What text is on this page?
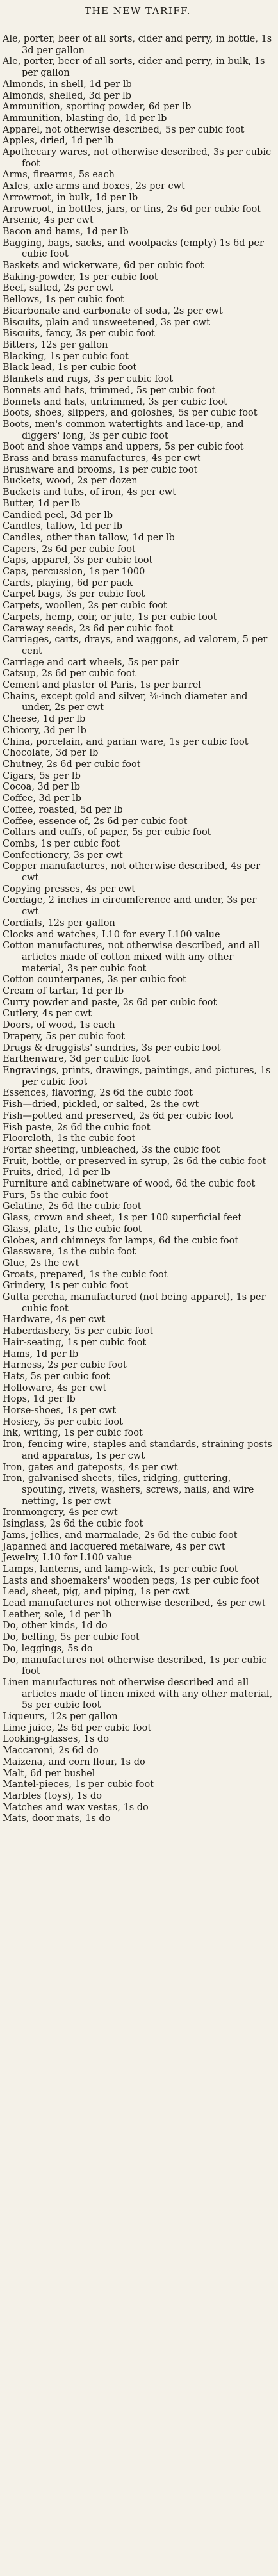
THE NEW TARIFF.

Ale, porter, beer of all sorts, cider and perry, in bottle, 1s 3d per gallon

Ale, porter, beer of all sorts, cider and perry, in bulk, 1s per gallon

Almonds, in shell, 1d per lb

Almonds, shelled, 3d per lb

Ammunition, sporting powder, 6d per lb

Ammunition, blasting do, 1d per lb

Apparel, not otherwise described, 5s per cubic foot

Apples, dried, 1d per lb

Apothecary wares, not otherwise described, 3s per cubic foot

Arms, firearms, 5s each

Axles, axle arms and boxes, 2s per cwt

Arrowroot, in bulk, 1d per lb

Arrowroot, in bottles, jars, or tins, 2s 6d per cubic foot

Arsenic, 4s per cwt

Bacon and hams, 1d per lb

Bagging, bags, sacks, and woolpacks (empty) 1s 6d per cubic foot

Baskets and wickerware, 6d per cubic foot

Baking-powder, 1s per cubic foot

Beef, salted, 2s per cwt

Bellows, 1s per cubic foot

Bicarbonate and carbonate of soda, 2s per cwt

Biscuits, plain and unsweetened, 3s per cwt

Biscuits, fancy, 3s per cubic foot

Bitters, 12s per gallon

Blacking, 1s per cubic foot

Black lead, 1s per cubic foot

Blankets and rugs, 3s per cubic foot

Bonnets and hats, trimmed, 5s per cubic foot

Bonnets and hats, untrimmed, 3s per cubic foot

Boots, shoes, slippers, and goloshes, 5s per cubic foot

Boots, men's common watertights and lace-up, and diggers' long, 3s per cubic foot

Boot and shoe vamps and uppers, 5s per cubic foot

Brass and brass manufactures, 4s per cwt

Brushware and brooms, 1s per cubic foot

Buckets, wood, 2s per dozen

Buckets and tubs, of iron, 4s per cwt

Butter, 1d per lb

Candied peel, 3d per lb

Candles, tallow, 1d per lb

Candles, other than tallow, 1d per lb

Capers, 2s 6d per cubic foot

Caps, apparel, 3s per cubic foot

Caps, percussion, 1s per 1000

Cards, playing, 6d per pack

Carpet bags, 3s per cubic foot

Carpets, woollen, 2s per cubic foot

Carpets, hemp, coir, or jute, 1s per cubic foot

Caraway seeds, 2s 6d per cubic foot

Carriages, carts, drays, and waggons, ad valorem, 5 per cent

Carriage and cart wheels, 5s per pair

Catsup, 2s 6d per cubic foot

Cement and plaster of Paris, 1s per barrel

Chains, except gold and silver, ⅜-inch diameter and under, 2s per cwt

Cheese, 1d per lb

Chicory, 3d per lb

China, porcelain, and parian ware, 1s per cubic foot

Chocolate, 3d per lb

Chutney, 2s 6d per cubic foot

Cigars, 5s per lb

Cocoa, 3d per lb

Coffee, 3d per lb

Coffee, roasted, 5d per lb

Coffee, essence of, 2s 6d per cubic foot

Collars and cuffs, of paper, 5s per cubic foot

Combs, 1s per cubic foot

Confectionery, 3s per cwt

Copper manufactures, not otherwise described, 4s per cwt

Copying presses, 4s per cwt

Cordage, 2 inches in circumference and under, 3s per cwt

Cordials, 12s per gallon

Clocks and watches, L10 for every L100 value

Cotton manufactures, not otherwise described, and all articles made of cotton mixed with any other material, 3s per cubic foot

Cotton counterpanes, 3s per cubic foot

Cream of tartar, 1d per lb

Curry powder and paste, 2s 6d per cubic foot

Cutlery, 4s per cwt

Doors, of wood, 1s each

Drapery, 5s per cubic foot

Drugs & druggists' sundries, 3s per cubic foot

Earthenware, 3d per cubic foot

Engravings, prints, drawings, paintings, and pictures, 1s per cubic foot

Essences, flavoring, 2s 6d the cubic foot

Fish—dried, pickled, or salted, 2s the cwt

Fish—potted and preserved, 2s 6d per cubic foot

Fish paste, 2s 6d the cubic foot

Floorcloth, 1s the cubic foot

Forfar sheeting, unbleached, 3s the cubic foot

Fruit, bottle, or preserved in syrup, 2s 6d the cubic foot

Fruits, dried, 1d per lb

Furniture and cabinetware of wood, 6d the cubic foot

Furs, 5s the cubic foot

Gelatine, 2s 6d the cubic foot

Glass, crown and sheet, 1s per 100 superficial feet

Glass, plate, 1s the cubic foot

Globes, and chimneys for lamps, 6d the cubic foot

Glassware, 1s the cubic foot

Glue, 2s the cwt

Groats, prepared, 1s the cubic foot

Grindery, 1s per cubic foot

Gutta percha, manufactured (not being apparel), 1s per cubic foot

Hardware, 4s per cwt

Haberdashery, 5s per cubic foot

Hair-seating, 1s per cubic foot

Hams, 1d per lb

Harness, 2s per cubic foot

Hats, 5s per cubic foot

Holloware, 4s per cwt

Hops, 1d per lb

Horse-shoes, 1s per cwt

Hosiery, 5s per cubic foot

Ink, writing, 1s per cubic foot

Iron, fencing wire, staples and standards, straining posts and apparatus, 1s per cwt

Iron, gates and gateposts, 4s per cwt

Iron, galvanised sheets, tiles, ridging, guttering, spouting, rivets, washers, screws, nails, and wire netting, 1s per cwt

Ironmongery, 4s per cwt

Isinglass, 2s 6d the cubic foot

Jams, jellies, and marmalade, 2s 6d the cubic foot

Japanned and lacquered metalware, 4s per cwt

Jewelry, L10 for L100 value

Lamps, lanterns, and lamp-wick, 1s per cubic foot

Lasts and shoemakers' wooden pegs, 1s per cubic foot

Lead, sheet, pig, and piping, 1s per cwt

Lead manufactures not otherwise described, 4s per cwt

Leather, sole, 1d per lb

Do, other kinds, 1d do

Do, belting, 5s per cubic foot

Do, leggings, 5s do

Do, manufactures not otherwise described, 1s per cubic foot

Linen manufactures not otherwise described and all articles made of linen mixed with any other material, 5s per cubic foot

Liqueurs, 12s per gallon

Lime juice, 2s 6d per cubic foot

Looking-glasses, 1s do

Maccaroni, 2s 6d do

Maizena, and corn flour, 1s do

Malt, 6d per bushel

Mantel-pieces, 1s per cubic foot

Marbles (toys), 1s do

Matches and wax vestas, 1s do

Mats, door mats, 1s do
